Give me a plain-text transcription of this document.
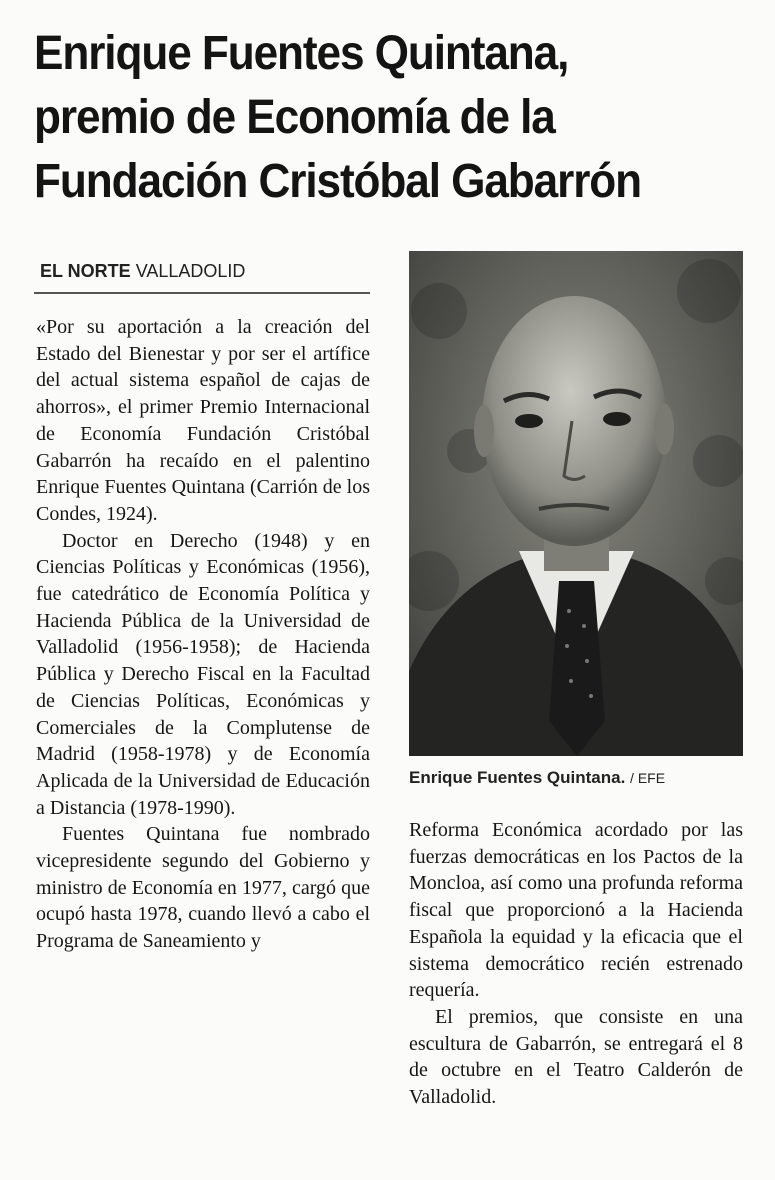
Enrique Fuentes Quintana,
premio de Economía de la
Fundación Cristóbal Gabarrón
EL NORTE VALLADOLID

«Por su aportación a la creación del Estado del Bienestar y por ser el artífice del actual sistema español de cajas de ahorros», el primer Premio Internacional de Economía Fundación Cristóbal Gabarrón ha recaído en el palentino Enrique Fuentes Quintana (Carrión de los Condes, 1924).

Doctor en Derecho (1948) y en Ciencias Políticas y Económicas (1956), fue catedrático de Economía Política y Hacienda Pública de la Universidad de Valladolid (1956-1958); de Hacienda Pública y Derecho Fiscal en la Facultad de Ciencias Políticas, Económicas y Comerciales de la Complutense de Madrid (1958-1978) y de Economía Aplicada de la Universidad de Educación a Distancia (1978-1990).

Fuentes Quintana fue nombrado vicepresidente segundo del Gobierno y ministro de Economía en 1977, cargó que ocupó hasta 1978, cuando llevó a cabo el Programa de Saneamiento y

Enrique Fuentes Quintana. / EFE

Reforma Económica acordado por las fuerzas democráticas en los Pactos de la Moncloa, así como una profunda reforma fiscal que proporcionó a la Hacienda Española la equidad y la eficacia que el sistema democrático recién estrenado requería.

El premios, que consiste en una escultura de Gabarrón, se entregará el 8 de octubre en el Teatro Calderón de Valladolid.
